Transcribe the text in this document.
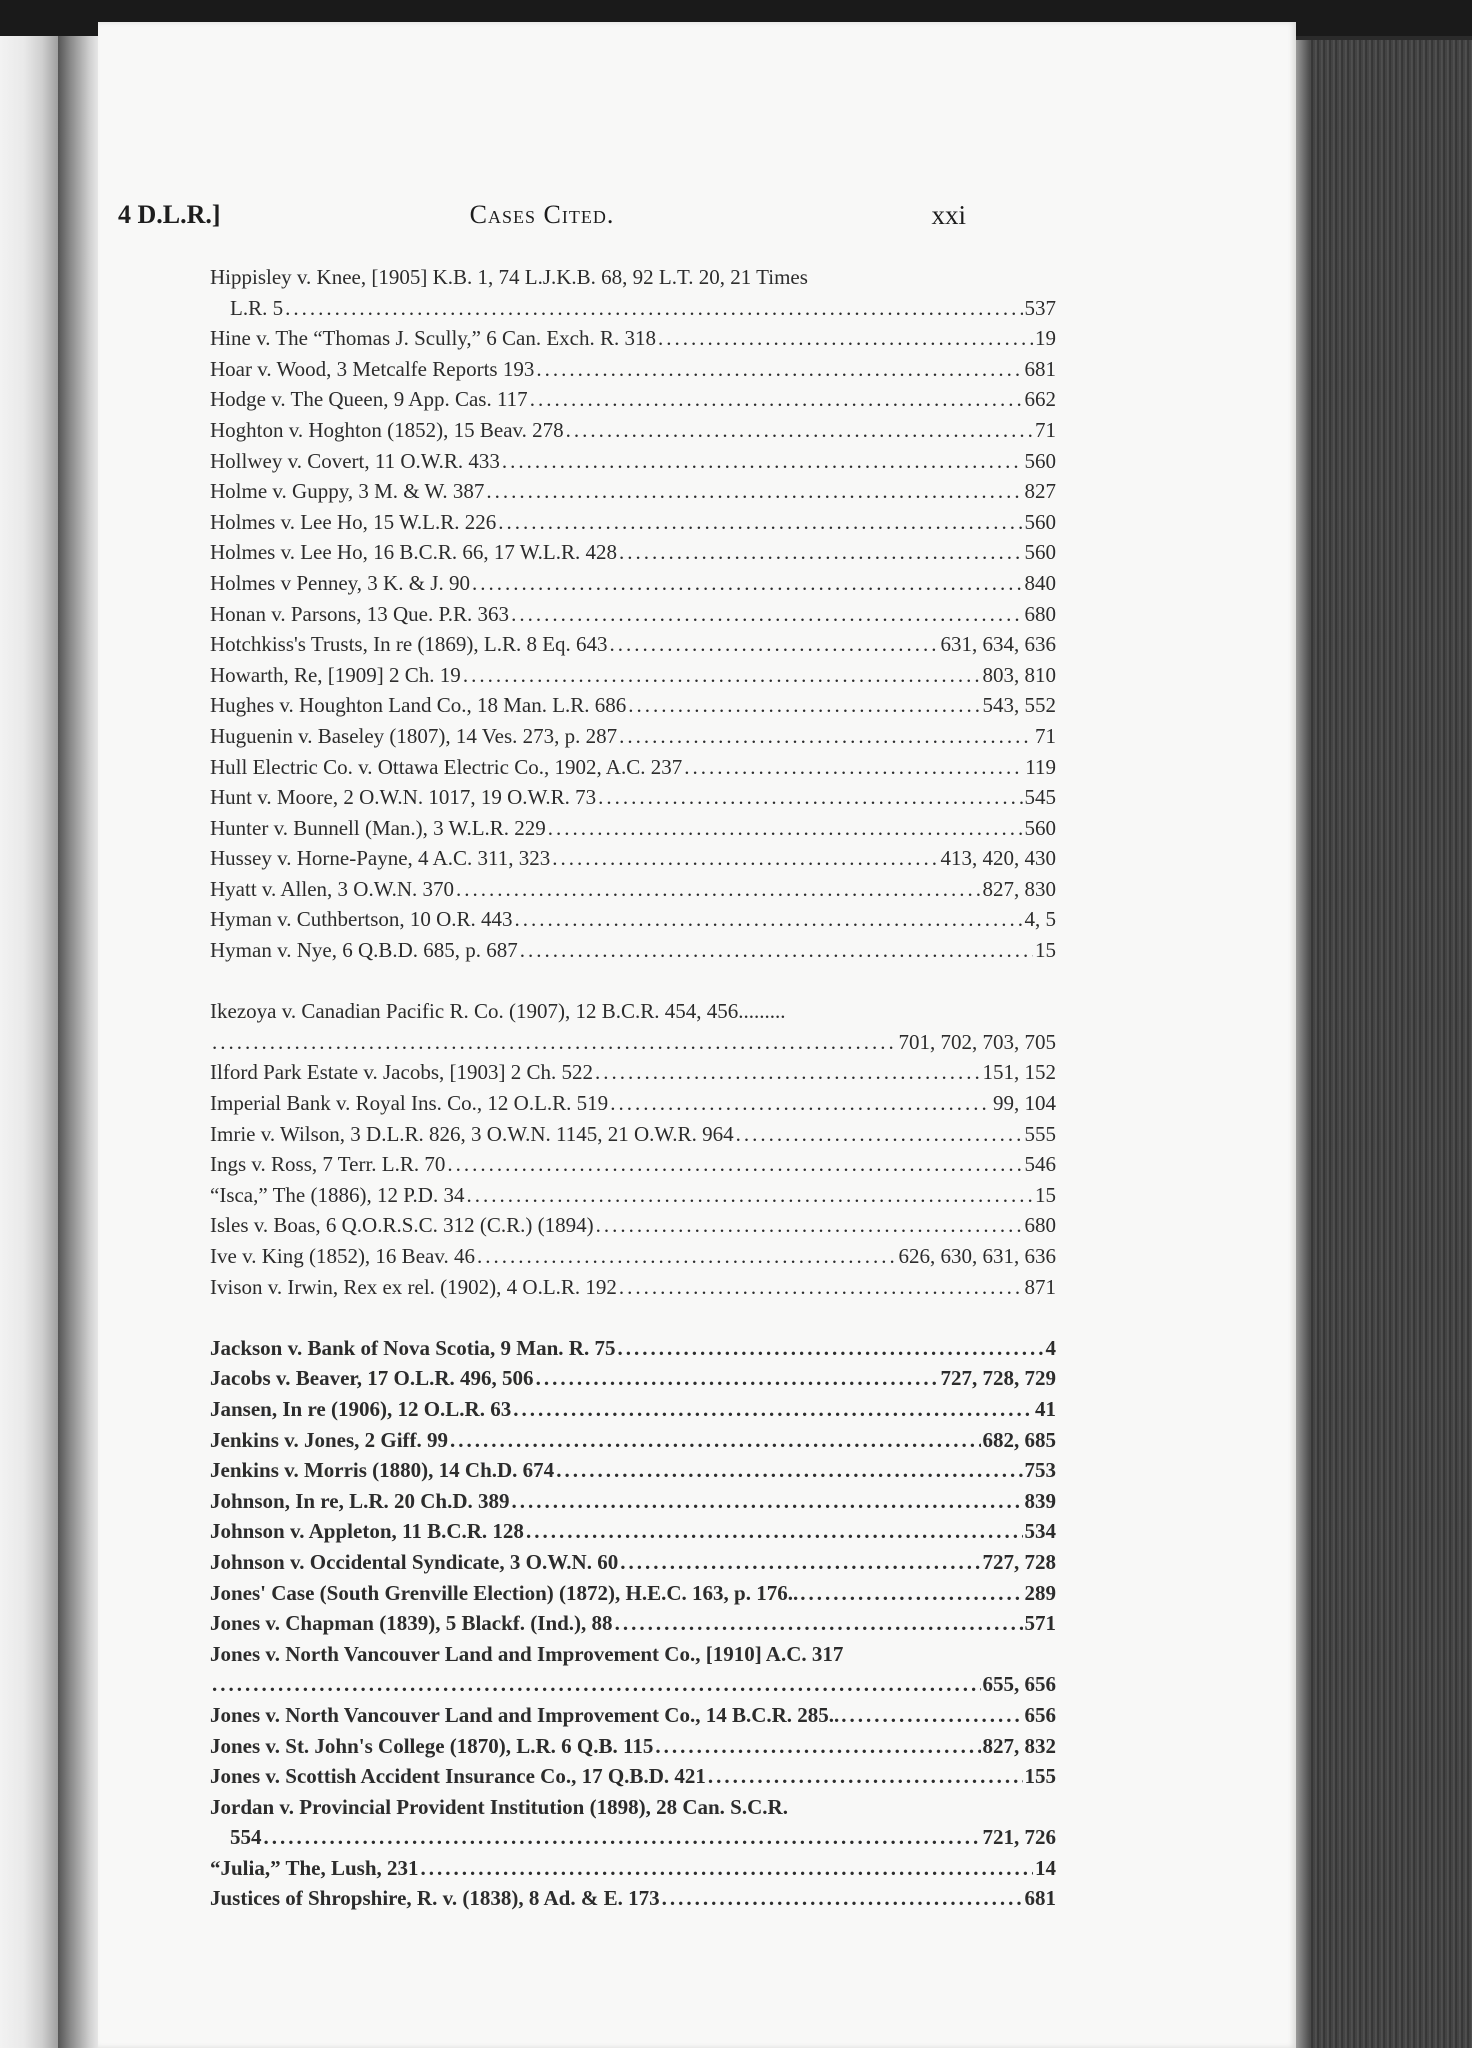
4 D.L.R.]	Cases Cited.	xxi
Hippisley v. Knee, [1905] K.B. 1, 74 L.J.K.B. 68, 92 L.T. 20, 21 Times
L.R. 5 .....	537
Hine v. The “Thomas J. Scully,” 6 Can. Exch. R. 318 .....	19
Hoar v. Wood, 3 Metcalfe Reports 193 .....	681
Hodge v. The Queen, 9 App. Cas. 117 .....	662
Hoghton v. Hoghton (1852), 15 Beav. 278 .....	71
Hollwey v. Covert, 11 O.W.R. 433 .....	560
Holme v. Guppy, 3 M. & W. 387 .....	827
Holmes v. Lee Ho, 15 W.L.R. 226 .....	560
Holmes v. Lee Ho, 16 B.C.R. 66, 17 W.L.R. 428 .....	560
Holmes v Penney, 3 K. & J. 90 .....	840
Honan v. Parsons, 13 Que. P.R. 363 .....	680
Hotchkiss's Trusts, In re (1869), L.R. 8 Eq. 643 .....	631, 634, 636
Howarth, Re, [1909] 2 Ch. 19 .....	803, 810
Hughes v. Houghton Land Co., 18 Man. L.R. 686 .....	543, 552
Huguenin v. Baseley (1807), 14 Ves. 273, p. 287 .....	71
Hull Electric Co. v. Ottawa Electric Co., 1902, A.C. 237 .....	119
Hunt v. Moore, 2 O.W.N. 1017, 19 O.W.R. 73 .....	545
Hunter v. Bunnell (Man.), 3 W.L.R. 229 .....	560
Hussey v. Horne-Payne, 4 A.C. 311, 323 .....	413, 420, 430
Hyatt v. Allen, 3 O.W.N. 370 .....	827, 830
Hyman v. Cuthbertson, 10 O.R. 443 .....	4, 5
Hyman v. Nye, 6 Q.B.D. 685, p. 687 .....	15
Ikezoya v. Canadian Pacific R. Co. (1907), 12 B.C.R. 454, 456.........
.....
701, 702, 703, 705
Ilford Park Estate v. Jacobs, [1903] 2 Ch. 522 .....	151, 152
Imperial Bank v. Royal Ins. Co., 12 O.L.R. 519 .....	99, 104
Imrie v. Wilson, 3 D.L.R. 826, 3 O.W.N. 1145, 21 O.W.R. 964 .....	555
Ings v. Ross, 7 Terr. L.R. 70 .....	546
“Isca,” The (1886), 12 P.D. 34 .....	15
Isles v. Boas, 6 Q.O.R.S.C. 312 (C.R.) (1894) .....	680
Ive v. King (1852), 16 Beav. 46 .....	626, 630, 631, 636
Ivison v. Irwin, Rex ex rel. (1902), 4 O.L.R. 192 .....	871
Jackson v. Bank of Nova Scotia, 9 Man. R. 75 .....	4
Jacobs v. Beaver, 17 O.L.R. 496, 506 .....	727, 728, 729
Jansen, In re (1906), 12 O.L.R. 63 .....	41
Jenkins v. Jones, 2 Giff. 99 .....	682, 685
Jenkins v. Morris (1880), 14 Ch.D. 674 .....	753
Johnson, In re, L.R. 20 Ch.D. 389 .....	839
Johnson v. Appleton, 11 B.C.R. 128 .....	534
Johnson v. Occidental Syndicate, 3 O.W.N. 60 .....	727, 728
Jones' Case (South Grenville Election) (1872), H.E.C. 163, p. 176.. .....	289
Jones v. Chapman (1839), 5 Blackf. (Ind.), 88 .....	571
Jones v. North Vancouver Land and Improvement Co., [1910] A.C. 317
.....
655, 656
Jones v. North Vancouver Land and Improvement Co., 14 B.C.R. 285.. .....	656
Jones v. St. John's College (1870), L.R. 6 Q.B. 115 .....	827, 832
Jones v. Scottish Accident Insurance Co., 17 Q.B.D. 421 .....	155
Jordan v. Provincial Provident Institution (1898), 28 Can. S.C.R.
554 .....	721, 726
“Julia,” The, Lush, 231 .....	14
Justices of Shropshire, R. v. (1838), 8 Ad. & E. 173 .....	681
